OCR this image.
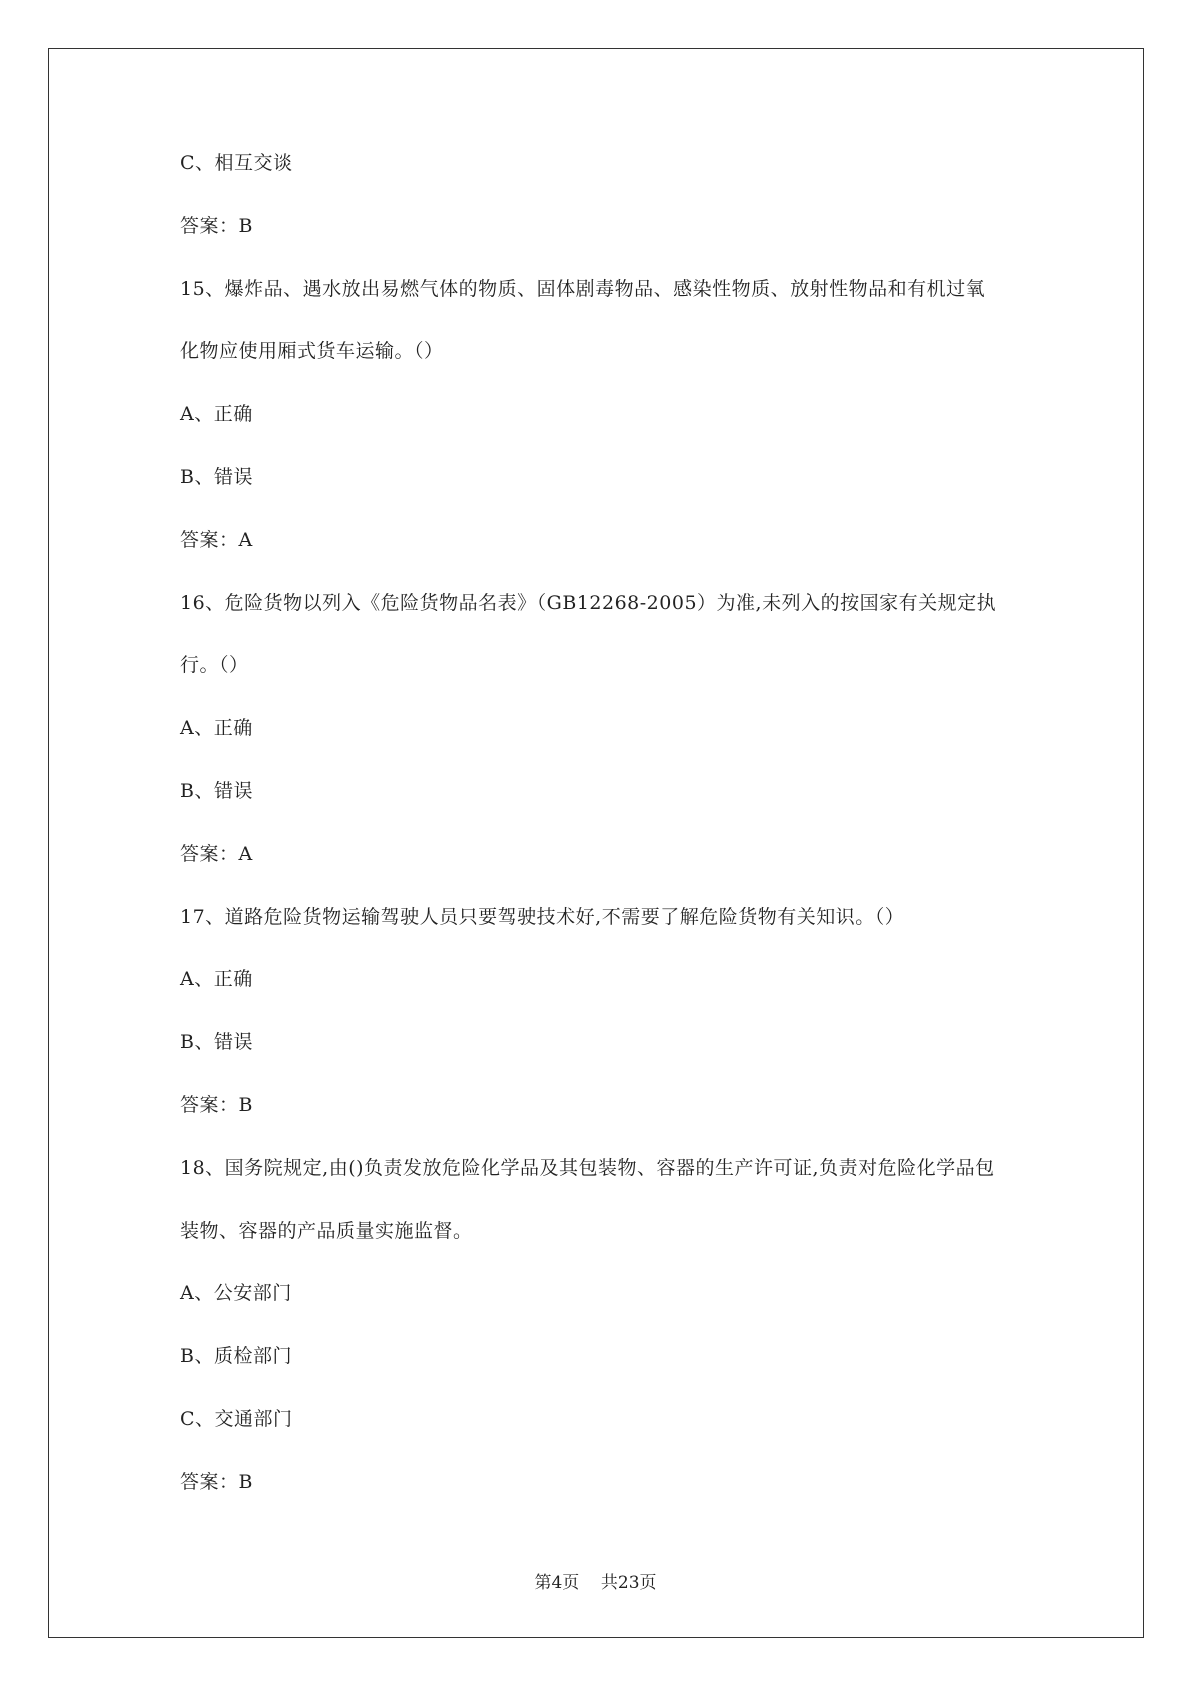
C、相互交谈
答案：B
15、爆炸品、遇水放出易燃气体的物质、固体剧毒物品、感染性物质、放射性物品和有机过氧
化物应使用厢式货车运输。（）
A、正确
B、错误
答案：A
16、危险货物以列入《危险货物品名表》（GB12268-2005）为准,未列入的按国家有关规定执
行。（）
A、正确
B、错误
答案：A
17、道路危险货物运输驾驶人员只要驾驶技术好,不需要了解危险货物有关知识。（）
A、正确
B、错误
答案：B
18、国务院规定,由()负责发放危险化学品及其包装物、容器的生产许可证,负责对危险化学品包
装物、容器的产品质量实施监督。
A、公安部门
B、质检部门
C、交通部门
答案：B
第4页 共23页
